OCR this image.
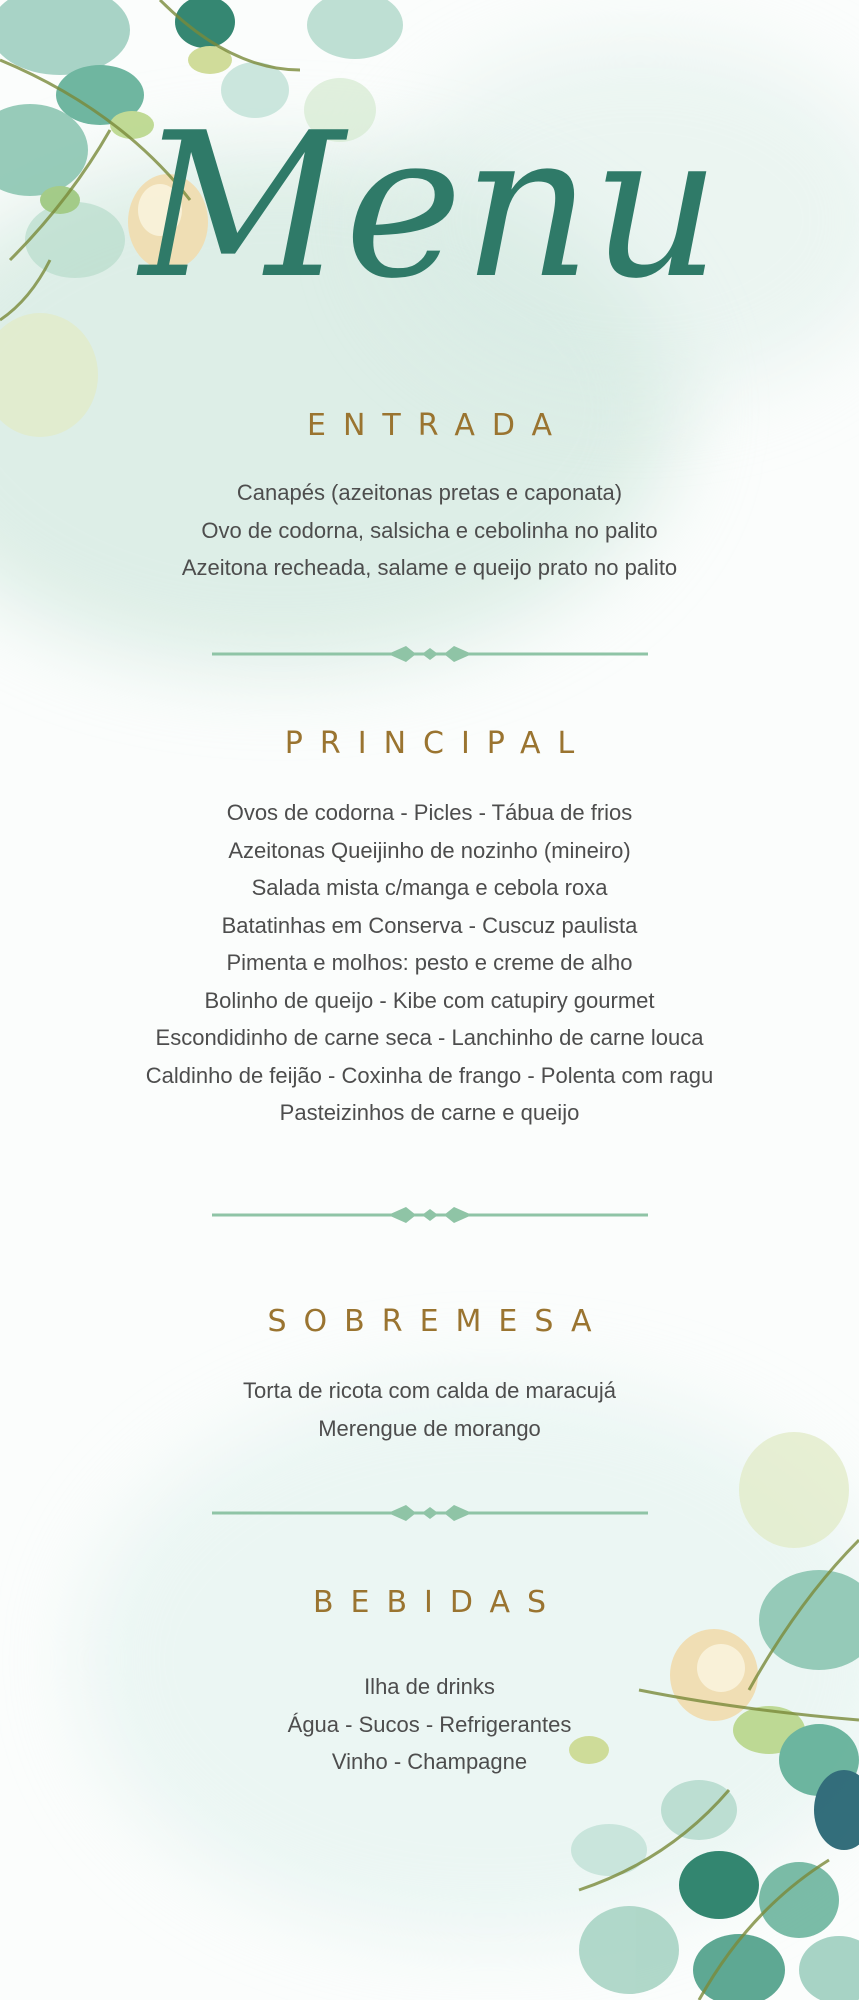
Menu
ENTRADA
Canapés (azeitonas pretas e caponata)
Ovo de codorna, salsicha e cebolinha no palito
Azeitona recheada, salame e queijo prato no palito
PRINCIPAL
Ovos de codorna - Picles - Tábua de frios
Azeitonas Queijinho de nozinho (mineiro)
Salada mista c/manga e cebola roxa
Batatinhas em Conserva - Cuscuz paulista
Pimenta e molhos: pesto e creme de alho
Bolinho de queijo - Kibe com catupiry gourmet
Escondidinho de carne seca - Lanchinho de carne louca
Caldinho de feijão - Coxinha de frango - Polenta com ragu
Pasteizinhos de carne e queijo
SOBREMESA
Torta de ricota com calda de maracujá
Merengue de morango
BEBIDAS
Ilha de drinks
Água - Sucos - Refrigerantes
Vinho - Champagne
